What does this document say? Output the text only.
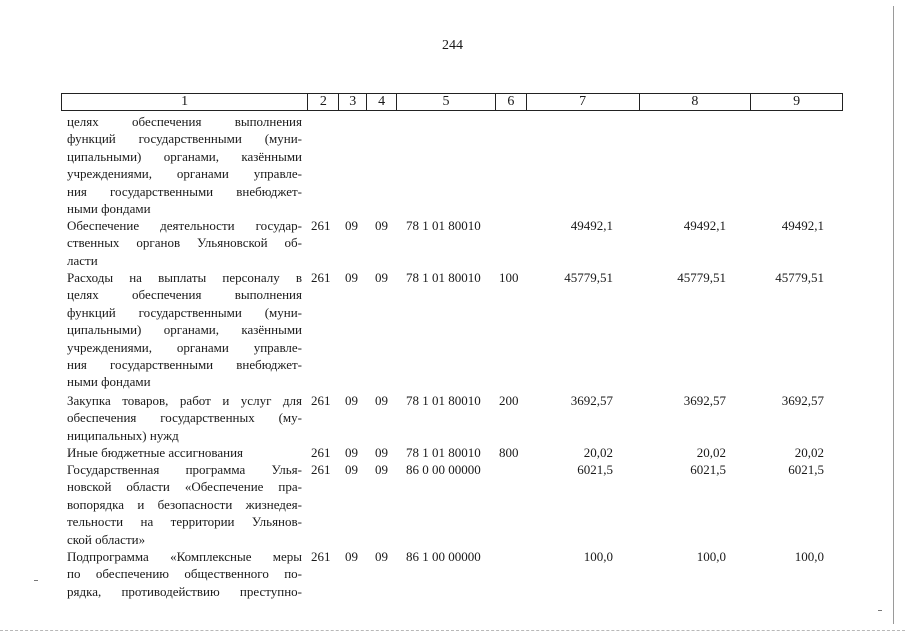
244
1	2	3	4	5	6	7	8	9
целях обеспечения выполнения
функций государственными (муни-
ципальными) органами, казёнными
учреждениями, органами управле-
ния государственными внебюджет-
ными фондами
Обеспечение деятельности государ-
ственных органов Ульяновской об-
ласти
261 09 09 78 1 01 80010	49492,1	49492,1	49492,1
Расходы на выплаты персоналу в
целях обеспечения выполнения
функций государственными (муни-
ципальными) органами, казёнными
учреждениями, органами управле-
ния государственными внебюджет-
ными фондами
261 09 09 78 1 01 80010 100	45779,51	45779,51	45779,51
Закупка товаров, работ и услуг для
обеспечения государственных (му-
ниципальных) нужд
261 09 09 78 1 01 80010 200	3692,57	3692,57	3692,57
Иные бюджетные ассигнования	261 09 09 78 1 01 80010 800	20,02	20,02	20,02
Государственная программа Улья-
новской области «Обеспечение пра-
вопорядка и безопасности жизнедея-
тельности на территории Ульянов-
ской области»
261 09 09 86 0 00 00000	6021,5	6021,5	6021,5
Подпрограмма «Комплексные меры
по обеспечению общественного по-
рядка, противодействию преступно-
261 09 09 86 1 00 00000	100,0	100,0	100,0
